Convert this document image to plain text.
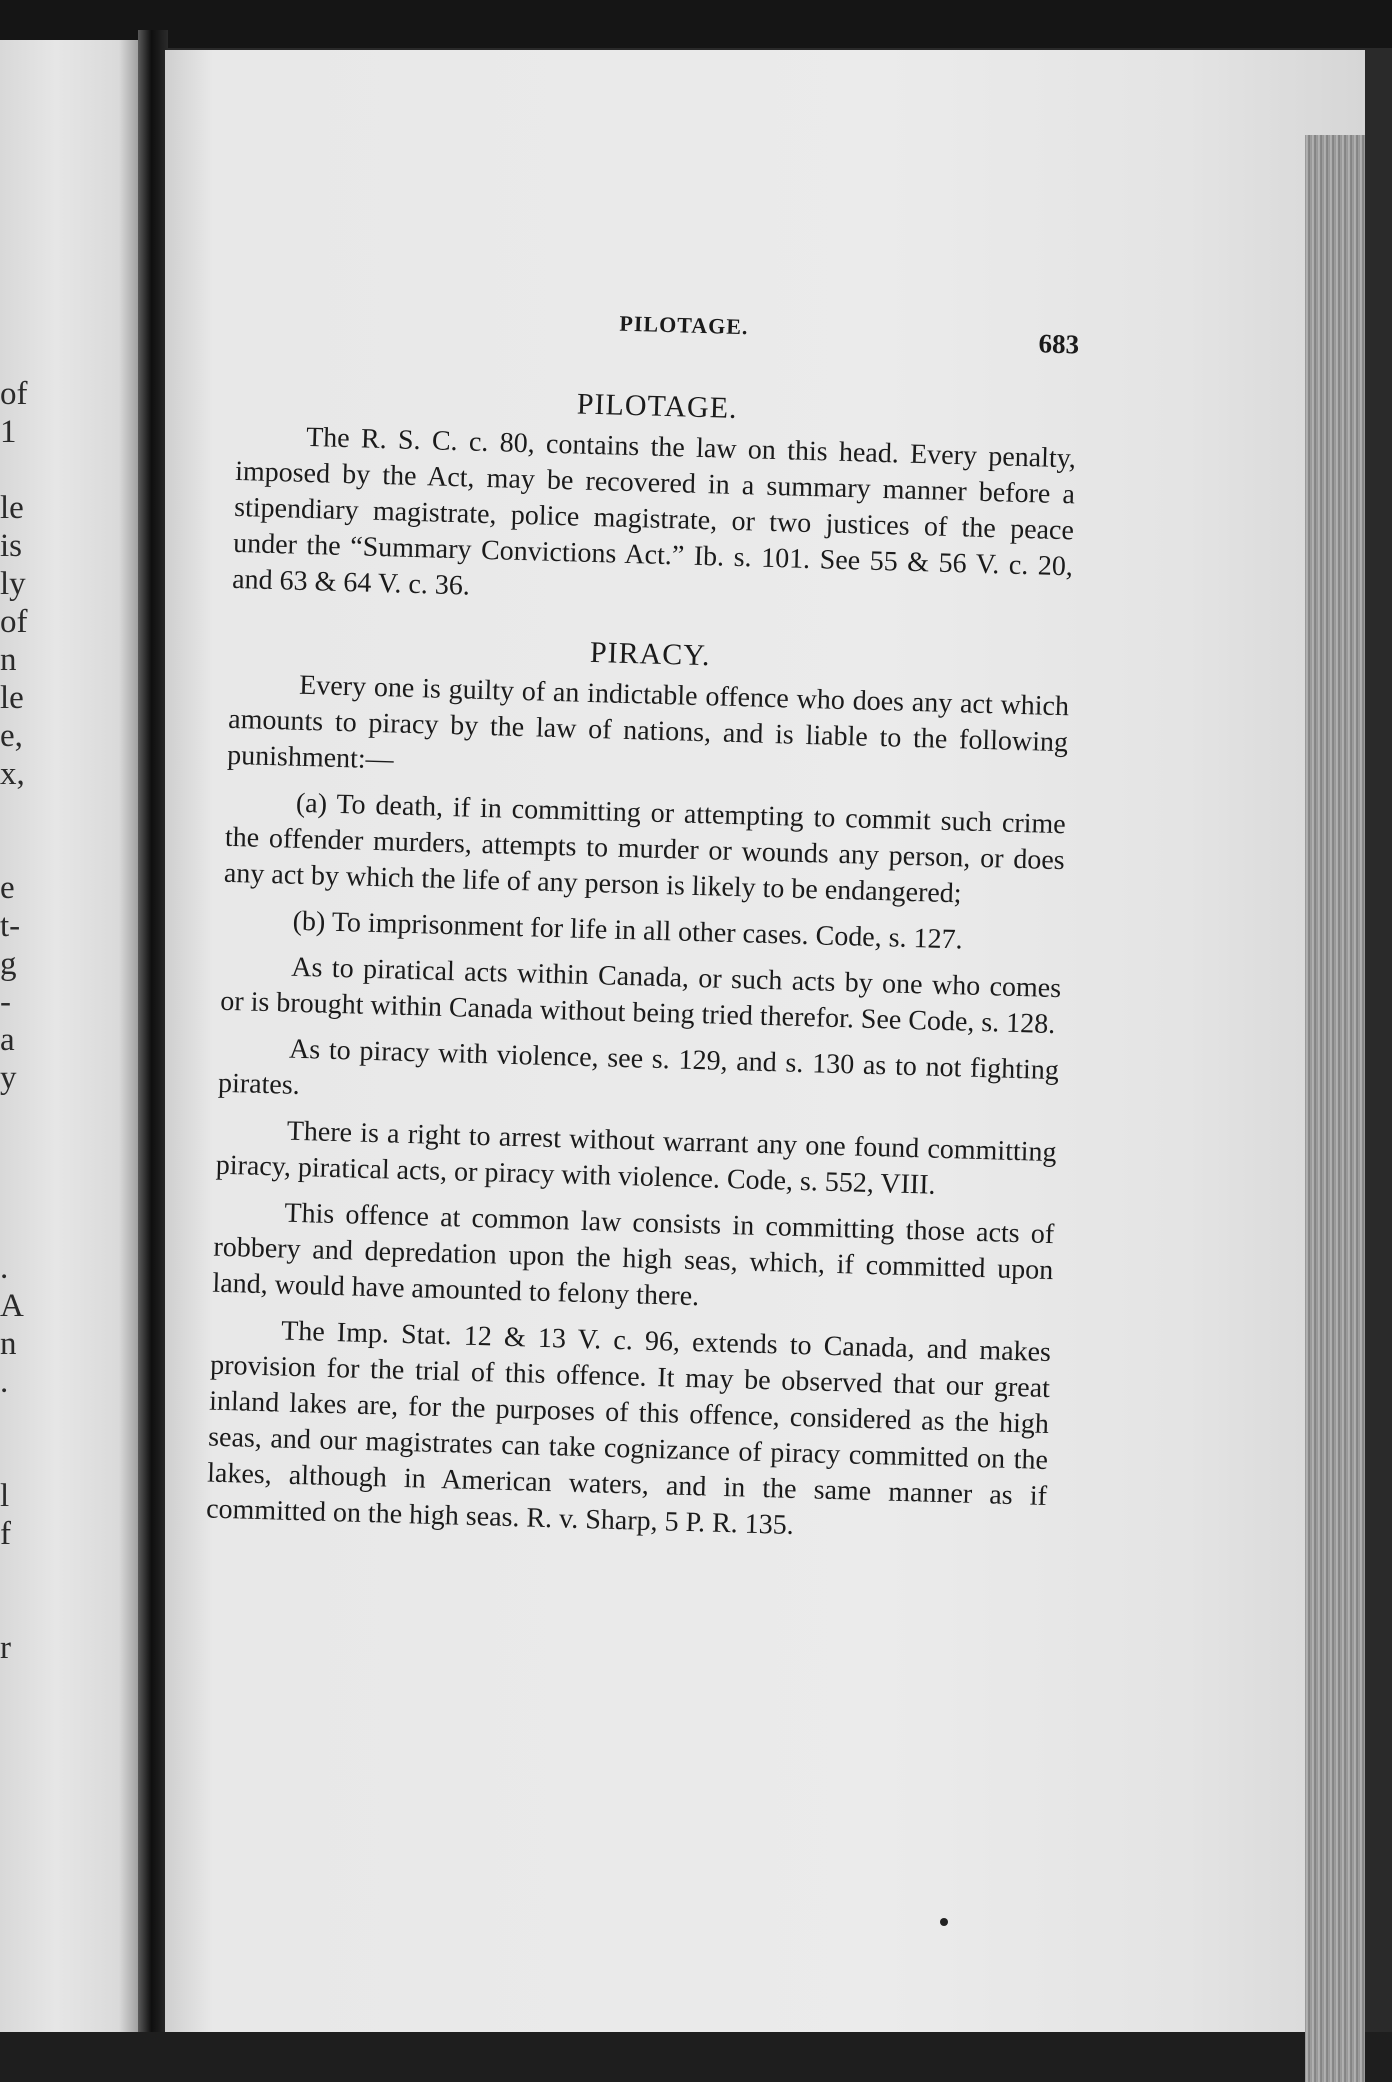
of
1
le
is
ly
of
n
le
e,
x,
e
t-
g
-
a
y
.
A
n
.
l
f
r
PILOTAGE.
683
PILOTAGE.

The R. S. C. c. 80, contains the law on this head. Every penalty, imposed by the Act, may be recovered in a summary manner before a stipendiary magistrate, police magistrate, or two justices of the peace under the “Summary Convictions Act.” Ib. s. 101. See 55 & 56 V. c. 20, and 63 & 64 V. c. 36.

PIRACY.

Every one is guilty of an indictable offence who does any act which amounts to piracy by the law of nations, and is liable to the following punishment:—

(a) To death, if in committing or attempting to commit such crime the offender murders, attempts to murder or wounds any person, or does any act by which the life of any person is likely to be endangered;

(b) To imprisonment for life in all other cases. Code, s. 127.

As to piratical acts within Canada, or such acts by one who comes or is brought within Canada without being tried therefor. See Code, s. 128.

As to piracy with violence, see s. 129, and s. 130 as to not fighting pirates.

There is a right to arrest without warrant any one found committing piracy, piratical acts, or piracy with violence. Code, s. 552, VIII.

This offence at common law consists in committing those acts of robbery and depredation upon the high seas, which, if committed upon land, would have amounted to felony there.

The Imp. Stat. 12 & 13 V. c. 96, extends to Canada, and makes provision for the trial of this offence. It may be observed that our great inland lakes are, for the purposes of this offence, considered as the high seas, and our magistrates can take cognizance of piracy committed on the lakes, although in American waters, and in the same manner as if committed on the high seas. R. v. Sharp, 5 P. R. 135.
